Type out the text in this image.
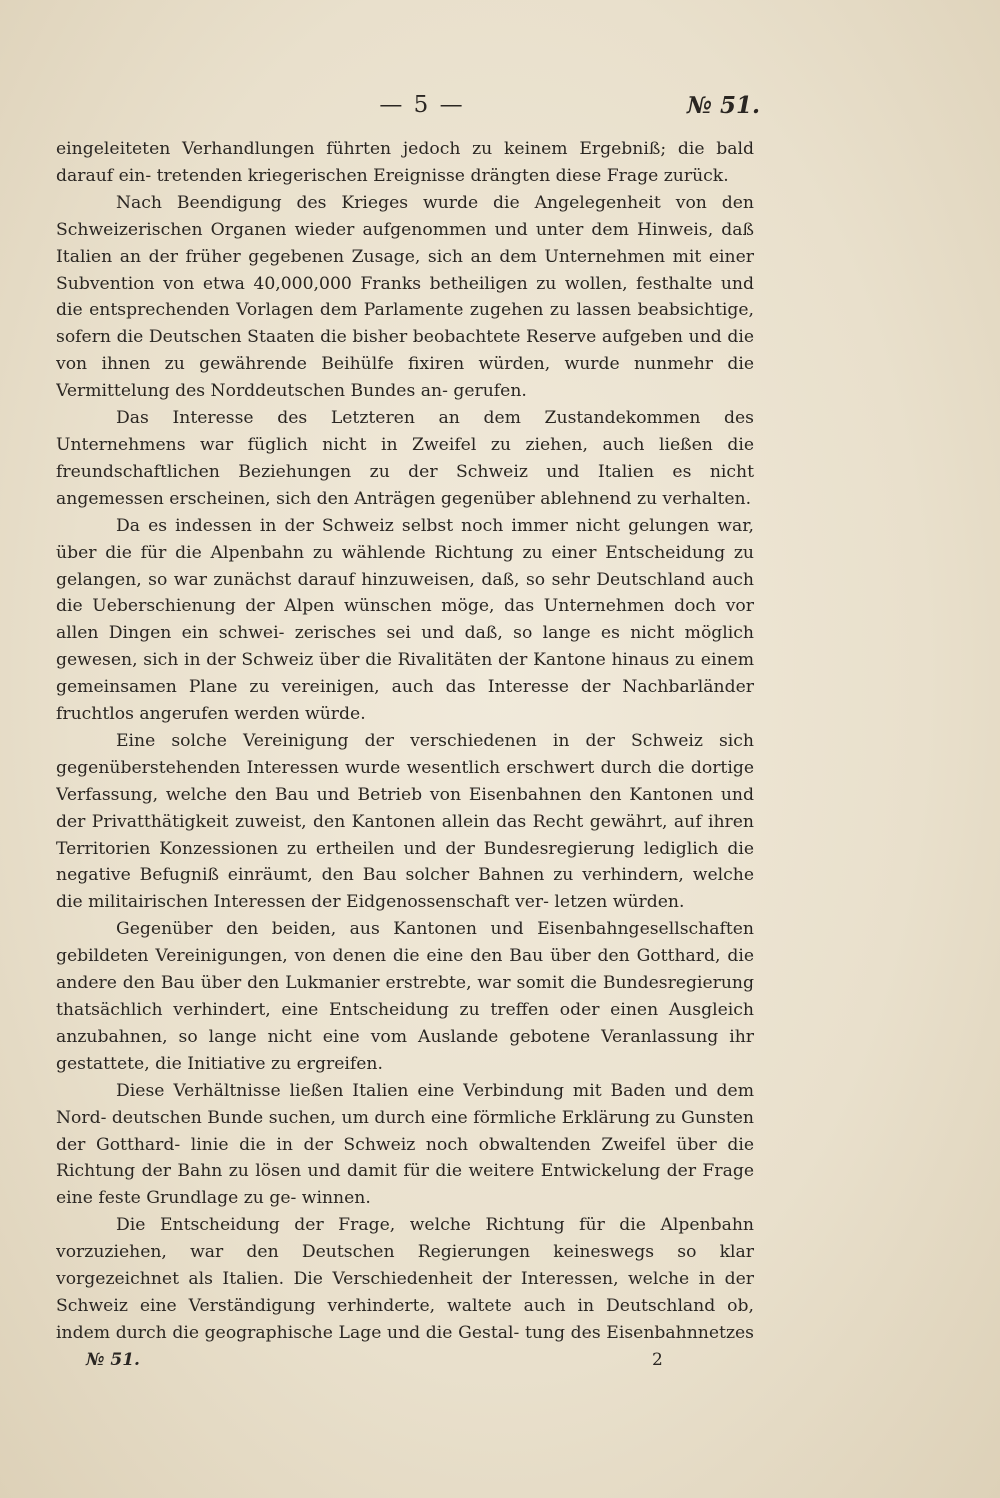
— 5 —	№ 51.

eingeleiteten Verhandlungen führten jedoch zu keinem Ergebniß; die bald darauf ein- tretenden kriegerischen Ereignisse drängten diese Frage zurück.

Nach Beendigung des Krieges wurde die Angelegenheit von den Schweizerischen Organen wieder aufgenommen und unter dem Hinweis, daß Italien an der früher gegebenen Zusage, sich an dem Unternehmen mit einer Subvention von etwa 40,000,000 Franks betheiligen zu wollen, festhalte und die entsprechenden Vorlagen dem Parlamente zugehen zu lassen beabsichtige, sofern die Deutschen Staaten die bisher beobachtete Reserve aufgeben und die von ihnen zu gewährende Beihülfe fixiren würden, wurde nunmehr die Vermittelung des Norddeutschen Bundes an- gerufen.

Das Interesse des Letzteren an dem Zustandekommen des Unternehmens war füglich nicht in Zweifel zu ziehen, auch ließen die freundschaftlichen Beziehungen zu der Schweiz und Italien es nicht angemessen erscheinen, sich den Anträgen gegenüber ablehnend zu verhalten.

Da es indessen in der Schweiz selbst noch immer nicht gelungen war, über die für die Alpenbahn zu wählende Richtung zu einer Entscheidung zu gelangen, so war zunächst darauf hinzuweisen, daß, so sehr Deutschland auch die Ueberschienung der Alpen wünschen möge, das Unternehmen doch vor allen Dingen ein schwei- zerisches sei und daß, so lange es nicht möglich gewesen, sich in der Schweiz über die Rivalitäten der Kantone hinaus zu einem gemeinsamen Plane zu vereinigen, auch das Interesse der Nachbarländer fruchtlos angerufen werden würde.

Eine solche Vereinigung der verschiedenen in der Schweiz sich gegenüberstehenden Interessen wurde wesentlich erschwert durch die dortige Verfassung, welche den Bau und Betrieb von Eisenbahnen den Kantonen und der Privatthätigkeit zuweist, den Kantonen allein das Recht gewährt, auf ihren Territorien Konzessionen zu ertheilen und der Bundesregierung lediglich die negative Befugniß einräumt, den Bau solcher Bahnen zu verhindern, welche die militairischen Interessen der Eidgenossenschaft ver- letzen würden.

Gegenüber den beiden, aus Kantonen und Eisenbahngesellschaften gebildeten Vereinigungen, von denen die eine den Bau über den Gotthard, die andere den Bau über den Lukmanier erstrebte, war somit die Bundesregierung thatsächlich verhindert, eine Entscheidung zu treffen oder einen Ausgleich anzubahnen, so lange nicht eine vom Auslande gebotene Veranlassung ihr gestattete, die Initiative zu ergreifen.

Diese Verhältnisse ließen Italien eine Verbindung mit Baden und dem Nord- deutschen Bunde suchen, um durch eine förmliche Erklärung zu Gunsten der Gotthard- linie die in der Schweiz noch obwaltenden Zweifel über die Richtung der Bahn zu lösen und damit für die weitere Entwickelung der Frage eine feste Grundlage zu ge- winnen.

Die Entscheidung der Frage, welche Richtung für die Alpenbahn vorzuziehen, war den Deutschen Regierungen keineswegs so klar vorgezeichnet als Italien. Die Verschiedenheit der Interessen, welche in der Schweiz eine Verständigung verhinderte, waltete auch in Deutschland ob, indem durch die geographische Lage und die Gestal- tung des Eisenbahnnetzes

№ 51.	2
